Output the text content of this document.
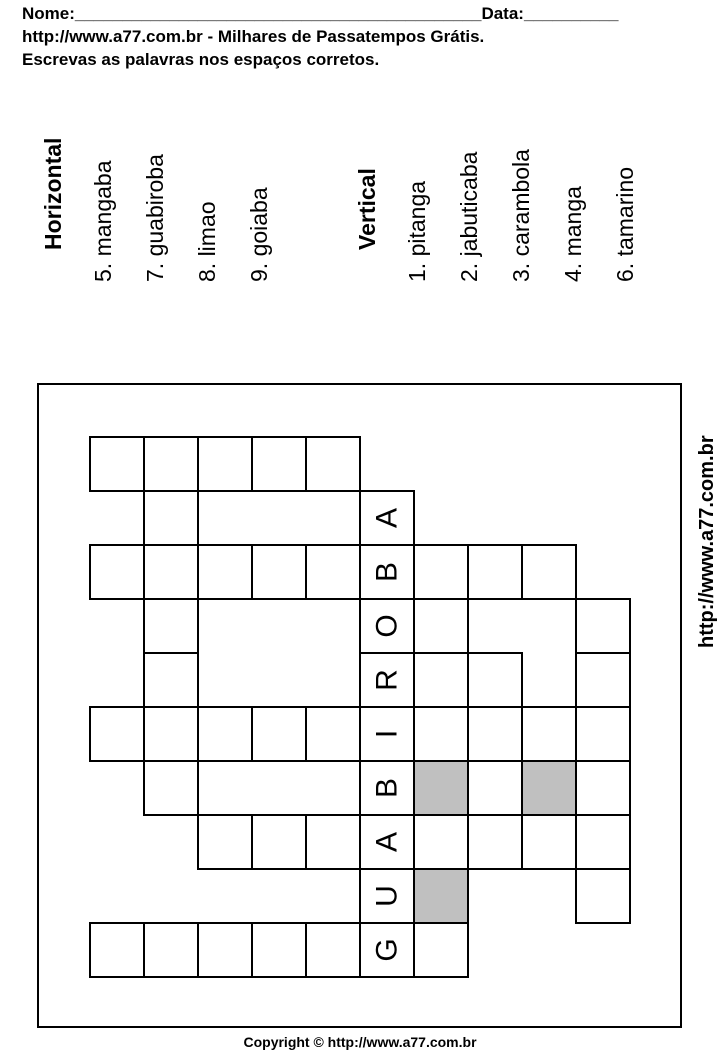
Nome:___________________________________________Data:__________
http://www.a77.com.br - Milhares de Passatempos Grátis.
Escrevas as palavras nos espaços corretos.
Horizontal 5. mangaba 7. guabiroba 8. limao 9. goiaba	Vertical 1. pitanga 2. jabuticaba 3. carambola 4. manga 6. tamarino
G
U
A
B
I
R
O
B
A	http://www.a77.com.br
Copyright © http://www.a77.com.br
